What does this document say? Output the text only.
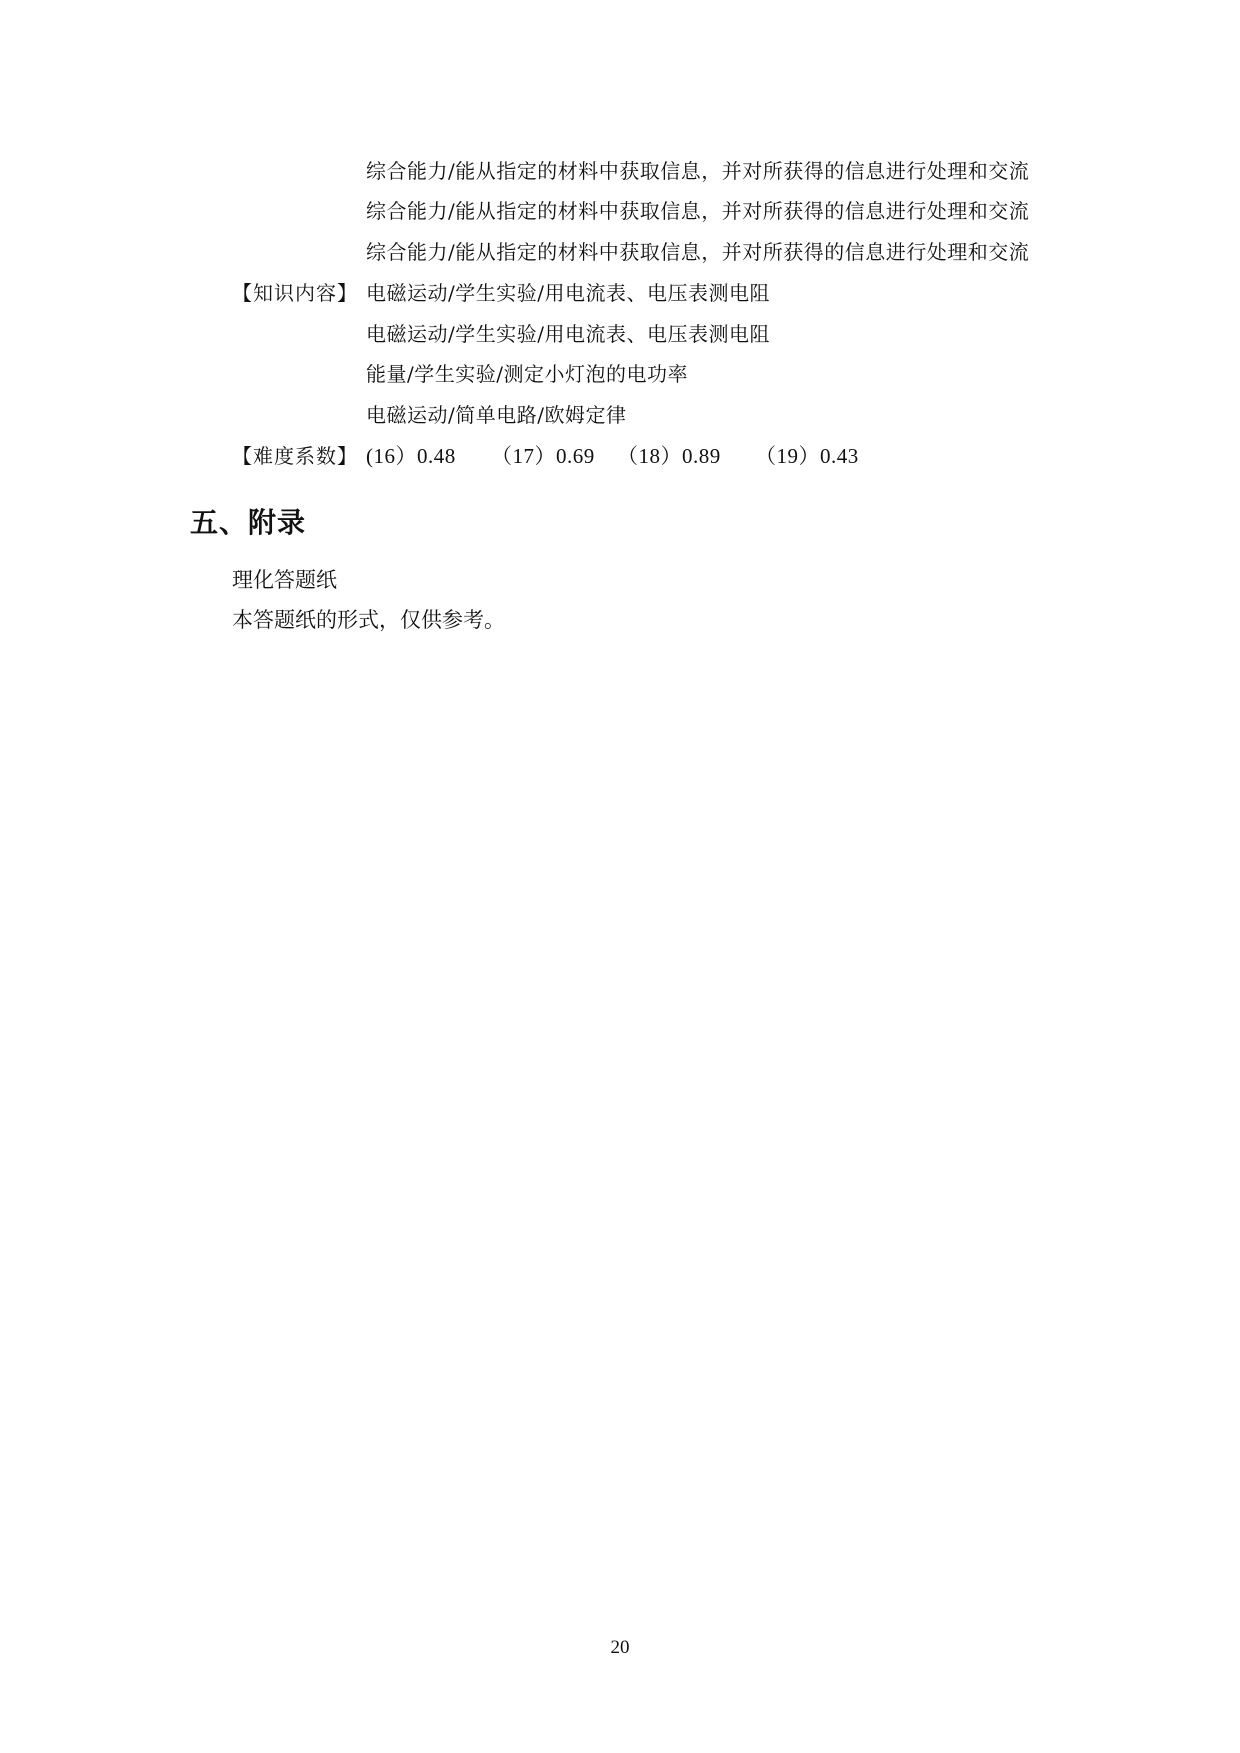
综合能力/能从指定的材料中获取信息，并对所获得的信息进行处理和交流
综合能力/能从指定的材料中获取信息，并对所获得的信息进行处理和交流
综合能力/能从指定的材料中获取信息，并对所获得的信息进行处理和交流
【知识内容】 电磁运动/学生实验/用电流表、电压表测电阻
电磁运动/学生实验/用电流表、电压表测电阻
能量/学生实验/测定小灯泡的电功率
电磁运动/简单电路/欧姆定律
【难度系数】 (16）0.48 （17）0.69 （18）0.89 （19）0.43
五、附录
理化答题纸
本答题纸的形式，仅供参考。
20
